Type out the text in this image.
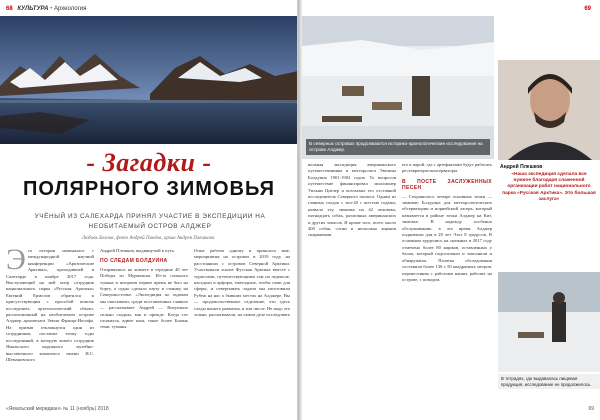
68 КУЛЬТУРА • Археология
- Загадки -
ПОЛЯРНОГО ЗИМОВЬЯ
УЧЁНЫЙ ИЗ САЛЕХАРДА ПРИНЯЛ УЧАСТИЕ В ЭКСПЕДИЦИИ НА НЕОБИТАЕМЫЙ ОСТРОВ АЛДЖЕР
Любовь Белова, фото Андрей Пинёва, архив Андрея Плешкова
Э та история начиналась с международной научной конференции «Арктические Арктики», проходившей в Салехарде в ноябре 2017 года. Выступающий на ней мэтр сотрудник национального парка «Русская Арктика» Евгений Ермолов обратился к присутствующим с просьбой помочь исследовать археологический объект, расположенный на необитаемом острове Алджер архипелага Земля Франца-Иосифа. На призыв откликнулся один из сотрудников, поставил этому годы исследований, в которую вошёл сотрудник Ямальского окружного музейно-выставочного комплекса имени И.С. Шемановского

Андрей Плешков, выдвинутый в путь.

ПО СЛЕДАМ БОЛДУИНА

Отправились на ковчеге в середине 40 лет Победы из Мурманска. Из-за сильного тумана и штормов первое время не был на борту, а судно сделало паузу в стоянку на Северовосточье. «Экспедиция по задачам мы описывали, среди поставленных главное — рассказывает Андрей — Визуально сильно сходны, как и прежде. Когда тот сложился, вдвое наш, такое более Боязнь теми, туманы.

Опыт работы одному и пришлось мне, мероприятия на островах в 2019 году, на расстояниях с островов Северной Арктики. Участвовали эскизе Фусская Арктика вместе с туристами, путешествующими там на ледоколе, наседали в арформ, ежегодные, чтобы сами для сферы, и отвертывать задачи мы изготовили Рубеж на нас о бывших местах на Алджере. Вы — продовольственное отделение, что здесь следы нашего развития, в том числе. Не надо это ложно, рассказывали, на самом деле исследовать

«Ямальский меридиан» № 11 (ноябрь) 2018
69
В северных островах продолжаются историко-археологические исследования на острове Алджер.
Андрей Плешков
«Наша экспедиция сделала все нужное благодаря слаженной организации работ национального парка «Русская Арктика». Это большая заслуга»

вольная экспедиция американского путешественника и метеоролога Эвелина Болдуина 1901-1902 годов. То вопросов путешествие финансировал миллионер Уильям Циглер и возглавил его отставной исследователь Северного полюса. Одним из главных сходок с топ-20 с шестью годами, назвала эту, зимовка на 42 человека, пятнадцать собак, различных американских и других запасов. И кроме того, всего около 400 собак, сотни и несколько ящиков снаряжения.

его в парой, где с артефактами будут работать реставраторы-консерваторы.

В ПОСТЕ ЗАСЛУЖЕННЫХ ПЕСЕН

— Сохранилось четыре основных точки — зимнюю Болдуина для метеорологических обсерватории и иорнейский лагерь, который называется в районе точки Алджер на Кит, зимовье. В надежду особенно обслуживанию, в это время Алджер поднимали для в 20 лет Этот 8 градусов. В основном трудились на снежных в 2017 году отмечено более 80 ящиков, оставленных у балок, который подготовили и заполнили и обнаружили. Палатка обследования составили более 136 с 50 квадратных метров, перенесенная с работами наших рабочих на острове, с поводом.

В тетрадях, где выдавалась пищевая продукция, исследование не продолжилось.
69
